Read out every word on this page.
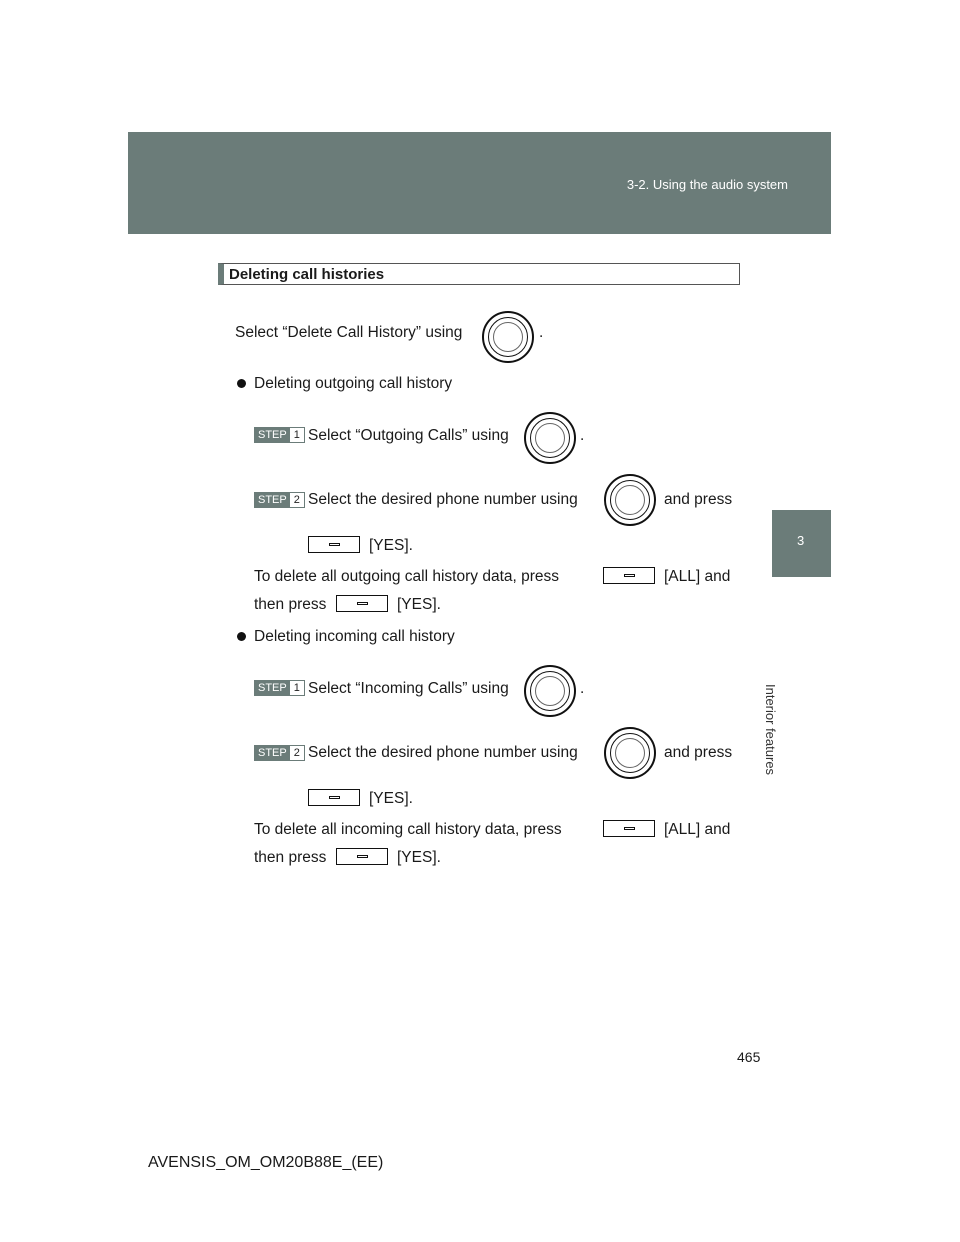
3-2. Using the audio system
3
Interior features
Deleting call histories
Select “Delete Call History” using	.
Deleting outgoing call history
STEP 1 Select “Outgoing Calls” using	.
STEP 2 Select the desired phone number using	and press
[YES].
To delete all outgoing call history data, press	[ALL] and
then press	[YES].
Deleting incoming call history
STEP 1 Select “Incoming Calls” using	.
STEP 2 Select the desired phone number using	and press
[YES].
To delete all incoming call history data, press	[ALL] and
then press	[YES].
465
AVENSIS_OM_OM20B88E_(EE)
